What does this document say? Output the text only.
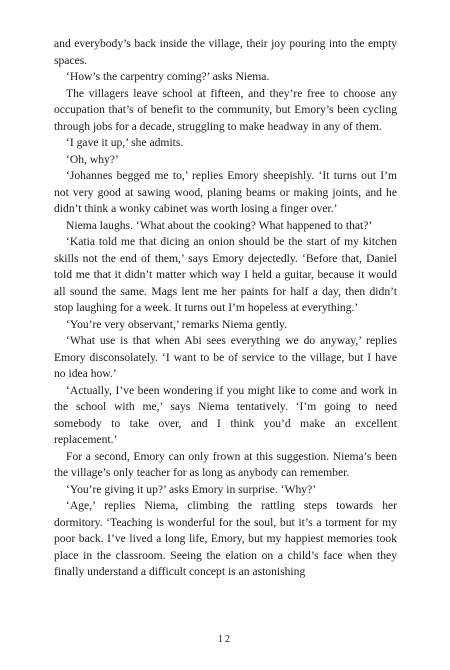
and everybody’s back inside the village, their joy pouring into the empty spaces.

‘How’s the carpentry coming?’ asks Niema.

The villagers leave school at fifteen, and they’re free to choose any occupation that’s of benefit to the community, but Emory’s been cycling through jobs for a decade, struggling to make headway in any of them.

‘I gave it up,’ she admits.

‘Oh, why?’

‘Johannes begged me to,’ replies Emory sheepishly. ‘It turns out I’m not very good at sawing wood, planing beams or making joints, and he didn’t think a wonky cabinet was worth losing a finger over.’

Niema laughs. ‘What about the cooking? What happened to that?’

‘Katia told me that dicing an onion should be the start of my kitchen skills not the end of them,’ says Emory dejectedly. ‘Before that, Daniel told me that it didn’t matter which way I held a guitar, because it would all sound the same. Mags lent me her paints for half a day, then didn’t stop laughing for a week. It turns out I’m hopeless at everything.’

‘You’re very observant,’ remarks Niema gently.

‘What use is that when Abi sees everything we do anyway,’ replies Emory disconsolately. ‘I want to be of service to the village, but I have no idea how.’

‘Actually, I’ve been wondering if you might like to come and work in the school with me,’ says Niema tentatively. ‘I’m going to need somebody to take over, and I think you’d make an excellent replacement.’

For a second, Emory can only frown at this suggestion. Niema’s been the village’s only teacher for as long as anybody can remember.

‘You’re giving it up?’ asks Emory in surprise. ‘Why?’

‘Age,’ replies Niema, climbing the rattling steps towards her dormitory. ‘Teaching is wonderful for the soul, but it’s a torment for my poor back. I’ve lived a long life, Emory, but my happiest memories took place in the classroom. Seeing the elation on a child’s face when they finally understand a difficult concept is an astonishing

12
